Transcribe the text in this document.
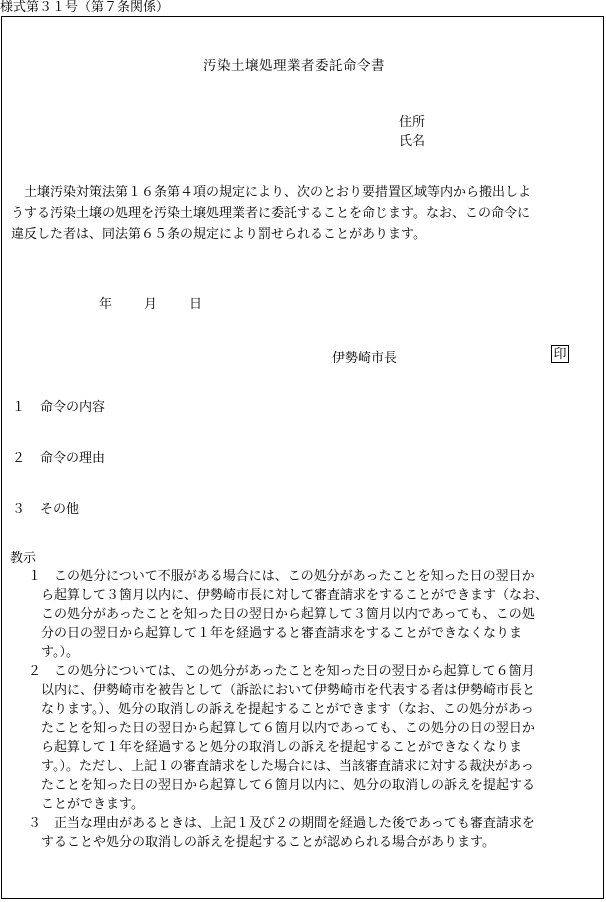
様式第３１号（第７条関係）
汚染土壌処理業者委託命令書
住所
氏名
　土壌汚染対策法第１６条第４項の規定により、次のとおり要措置区域等内から搬出しよ
うする汚染土壌の処理を汚染土壌処理業者に委託することを命じます。なお、この命令に
違反した者は、同法第６５条の規定により罰せられることがあります。
年 月 日
伊勢崎市長	印
１ 命令の内容
２ 命令の理由
３ その他
教示
１　この処分について不服がある場合には、この処分があったことを知った日の翌日か
　ら起算して３箇月以内に、伊勢崎市長に対して審査請求をすることができます（なお、
　この処分があったことを知った日の翌日から起算して３箇月以内であっても、この処
　分の日の翌日から起算して１年を経過すると審査請求をすることができなくなりま
　す。）。
２　この処分については、この処分があったことを知った日の翌日から起算して６箇月
　以内に、伊勢崎市を被告として（訴訟において伊勢崎市を代表する者は伊勢崎市長と
　なります。）、処分の取消しの訴えを提起することができます（なお、この処分があっ
　たことを知った日の翌日から起算して６箇月以内であっても、この処分の日の翌日か
　ら起算して１年を経過すると処分の取消しの訴えを提起することができなくなりま
　す。）。ただし、上記１の審査請求をした場合には、当該審査請求に対する裁決があっ
　たことを知った日の翌日から起算して６箇月以内に、処分の取消しの訴えを提起する
　ことができます。
３　正当な理由があるときは、上記１及び２の期間を経過した後であっても審査請求を
　することや処分の取消しの訴えを提起することが認められる場合があります。
